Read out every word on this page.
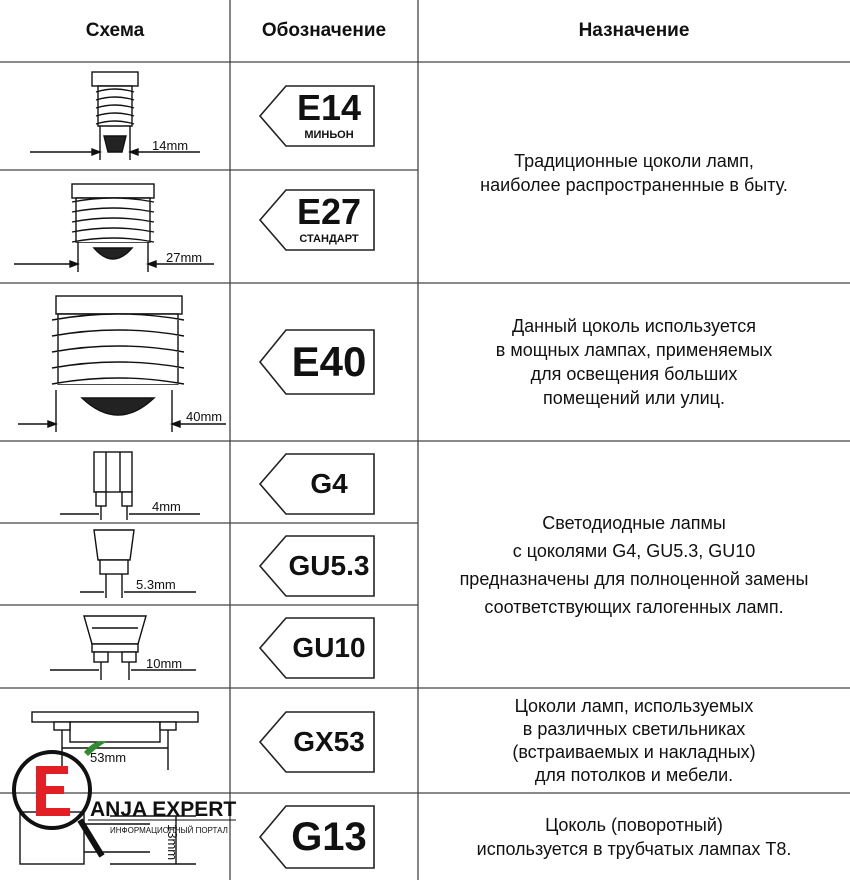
Схема	Обозначение	Назначение
E14
МИНЬОН
E27
СТАНДАРТ
E40
G4
GU5.3
GU10
GX53
G13
14mm
27mm
40mm
4mm
5.3mm
10mm
53mm
13mm
Традиционные цоколи ламп,
наиболее распространенные в быту.
Данный цоколь используется
в мощных лампах, применяемых
для освещения больших
помещений или улиц.
Светодиодные лапмы
с цоколями G4, GU5.3, GU10
предназначены для полноценной замены
соответствующих галогенных ламп.
Цоколи ламп, используемых
в различных светильниках
(встраиваемых и накладных)
для потолков и мебели.
Цоколь (поворотный)
используется в трубчатых лампах Т8.
ANJA EXPERT
ИНФОРМАЦИОННЫЙ ПОРТАЛ
